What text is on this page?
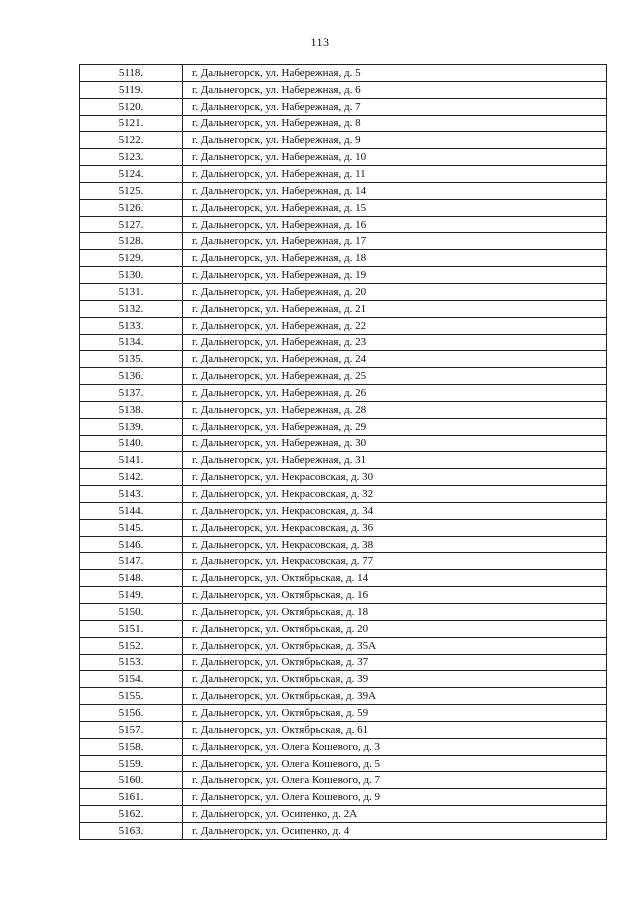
113
5118.	г. Дальнегорск, ул. Набережная, д. 5
5119.	г. Дальнегорск, ул. Набережная, д. 6
5120.	г. Дальнегорск, ул. Набережная, д. 7
5121.	г. Дальнегорск, ул. Набережная, д. 8
5122.	г. Дальнегорск, ул. Набережная, д. 9
5123.	г. Дальнегорск, ул. Набережная, д. 10
5124.	г. Дальнегорск, ул. Набережная, д. 11
5125.	г. Дальнегорск, ул. Набережная, д. 14
5126.	г. Дальнегорск, ул. Набережная, д. 15
5127.	г. Дальнегорск, ул. Набережная, д. 16
5128.	г. Дальнегорск, ул. Набережная, д. 17
5129.	г. Дальнегорск, ул. Набережная, д. 18
5130.	г. Дальнегорск, ул. Набережная, д. 19
5131.	г. Дальнегорск, ул. Набережная, д. 20
5132.	г. Дальнегорск, ул. Набережная, д. 21
5133.	г. Дальнегорск, ул. Набережная, д. 22
5134.	г. Дальнегорск, ул. Набережная, д. 23
5135.	г. Дальнегорск, ул. Набережная, д. 24
5136.	г. Дальнегорск, ул. Набережная, д. 25
5137.	г. Дальнегорск, ул. Набережная, д. 26
5138.	г. Дальнегорск, ул. Набережная, д. 28
5139.	г. Дальнегорск, ул. Набережная, д. 29
5140.	г. Дальнегорск, ул. Набережная, д. 30
5141.	г. Дальнегорск, ул. Набережная, д. 31
5142.	г. Дальнегорск, ул. Некрасовская, д. 30
5143.	г. Дальнегорск, ул. Некрасовская, д. 32
5144.	г. Дальнегорск, ул. Некрасовская, д. 34
5145.	г. Дальнегорск, ул. Некрасовская, д. 36
5146.	г. Дальнегорск, ул. Некрасовская, д. 38
5147.	г. Дальнегорск, ул. Некрасовская, д. 77
5148.	г. Дальнегорск, ул. Октябрьская, д. 14
5149.	г. Дальнегорск, ул. Октябрьская, д. 16
5150.	г. Дальнегорск, ул. Октябрьская, д. 18
5151.	г. Дальнегорск, ул. Октябрьская, д. 20
5152.	г. Дальнегорск, ул. Октябрьская, д. 35А
5153.	г. Дальнегорск, ул. Октябрьская, д. 37
5154.	г. Дальнегорск, ул. Октябрьская, д. 39
5155.	г. Дальнегорск, ул. Октябрьская, д. 39А
5156.	г. Дальнегорск, ул. Октябрьская, д. 59
5157.	г. Дальнегорск, ул. Октябрьская, д. 61
5158.	г. Дальнегорск, ул. Олега Кошевого, д. 3
5159.	г. Дальнегорск, ул. Олега Кошевого, д. 5
5160.	г. Дальнегорск, ул. Олега Кошевого, д. 7
5161.	г. Дальнегорск, ул. Олега Кошевого, д. 9
5162.	г. Дальнегорск, ул. Осипенко, д. 2А
5163.	г. Дальнегорск, ул. Осипенко, д. 4
